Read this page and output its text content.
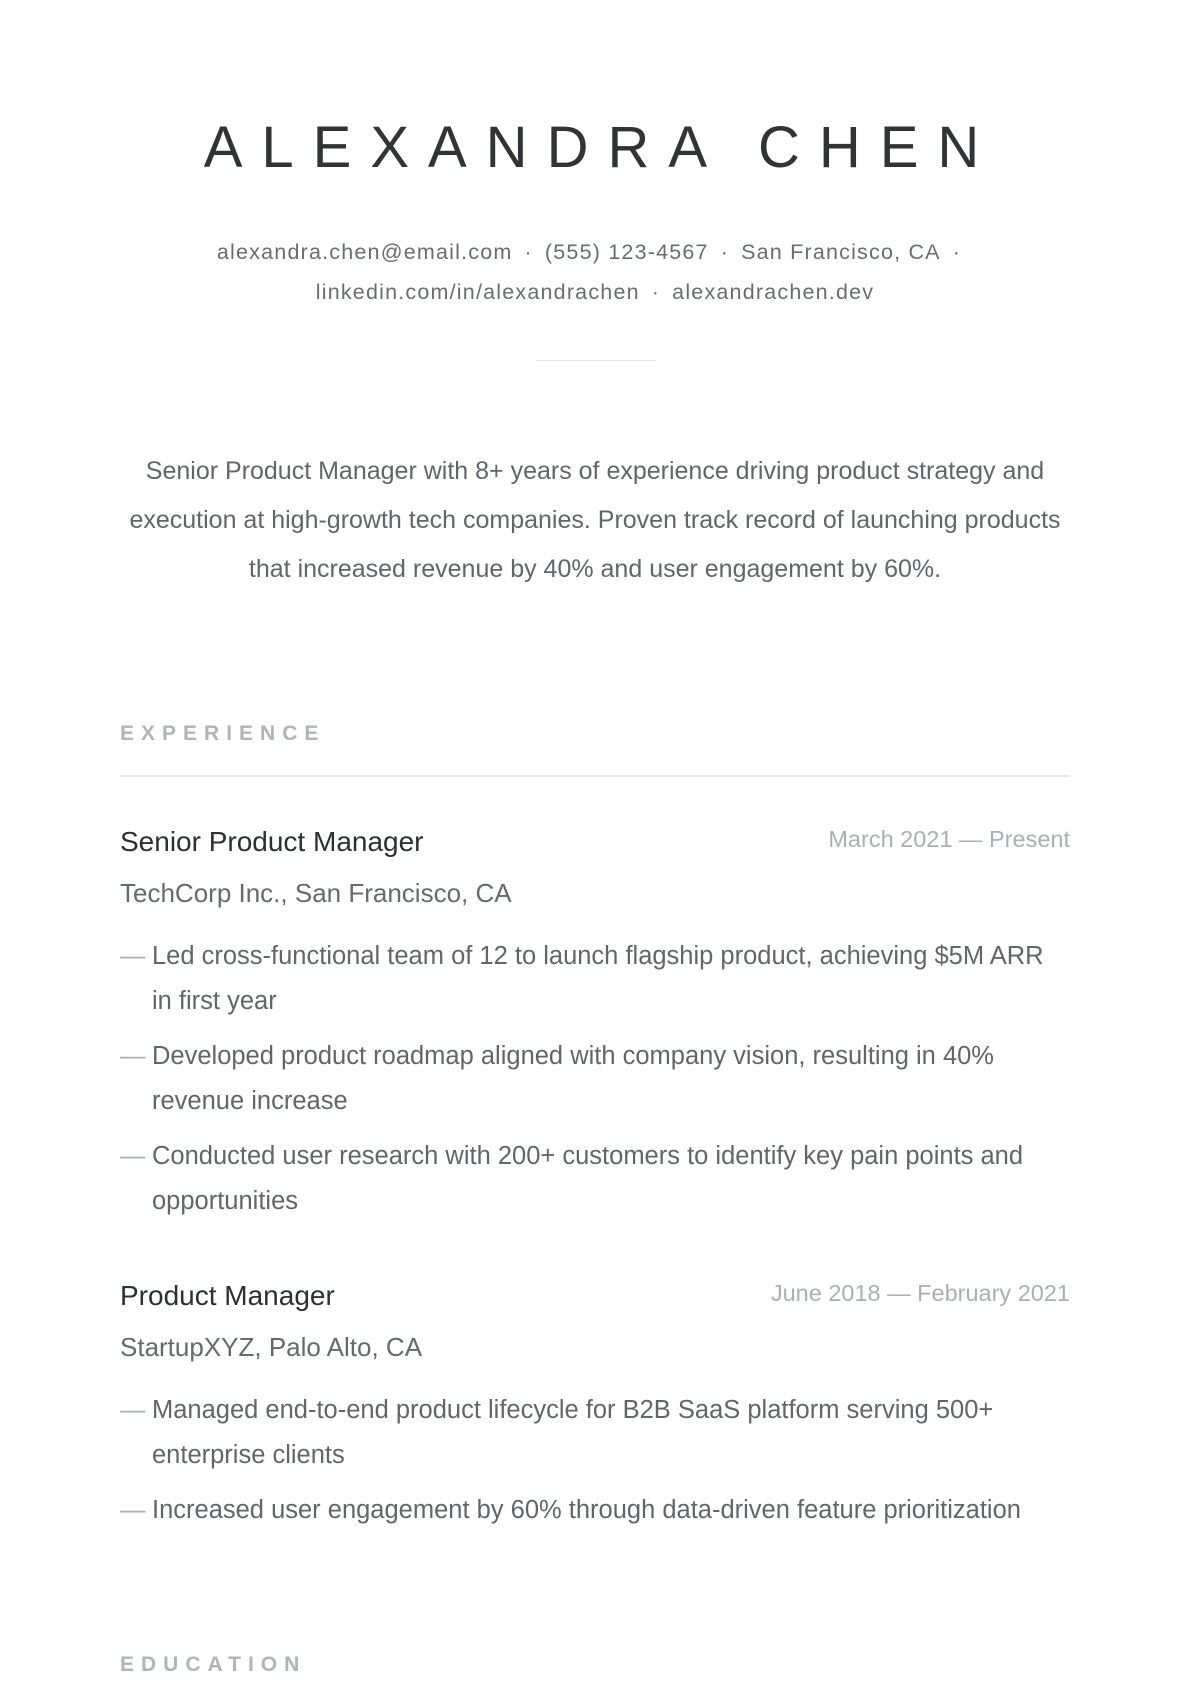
ALEXANDRA CHEN
alexandra.chen@email.com · (555) 123-4567 · San Francisco, CA ·linkedin.com/in/alexandrachen · alexandrachen.dev

Senior Product Manager with 8+ years of experience driving product strategy and execution at high-growth tech companies. Proven track record of launching products that increased revenue by 40% and user engagement by 60%.

EXPERIENCE
Senior Product Manager	March 2021 — Present
TechCorp Inc., San Francisco, CA
— Led cross-functional team of 12 to launch flagship product, achieving $5M ARR in first year
— Developed product roadmap aligned with company vision, resulting in 40% revenue increase
— Conducted user research with 200+ customers to identify key pain points and opportunities
Product Manager	June 2018 — February 2021
StartupXYZ, Palo Alto, CA
— Managed end-to-end product lifecycle for B2B SaaS platform serving 500+ enterprise clients
— Increased user engagement by 60% through data-driven feature prioritization
EDUCATION
